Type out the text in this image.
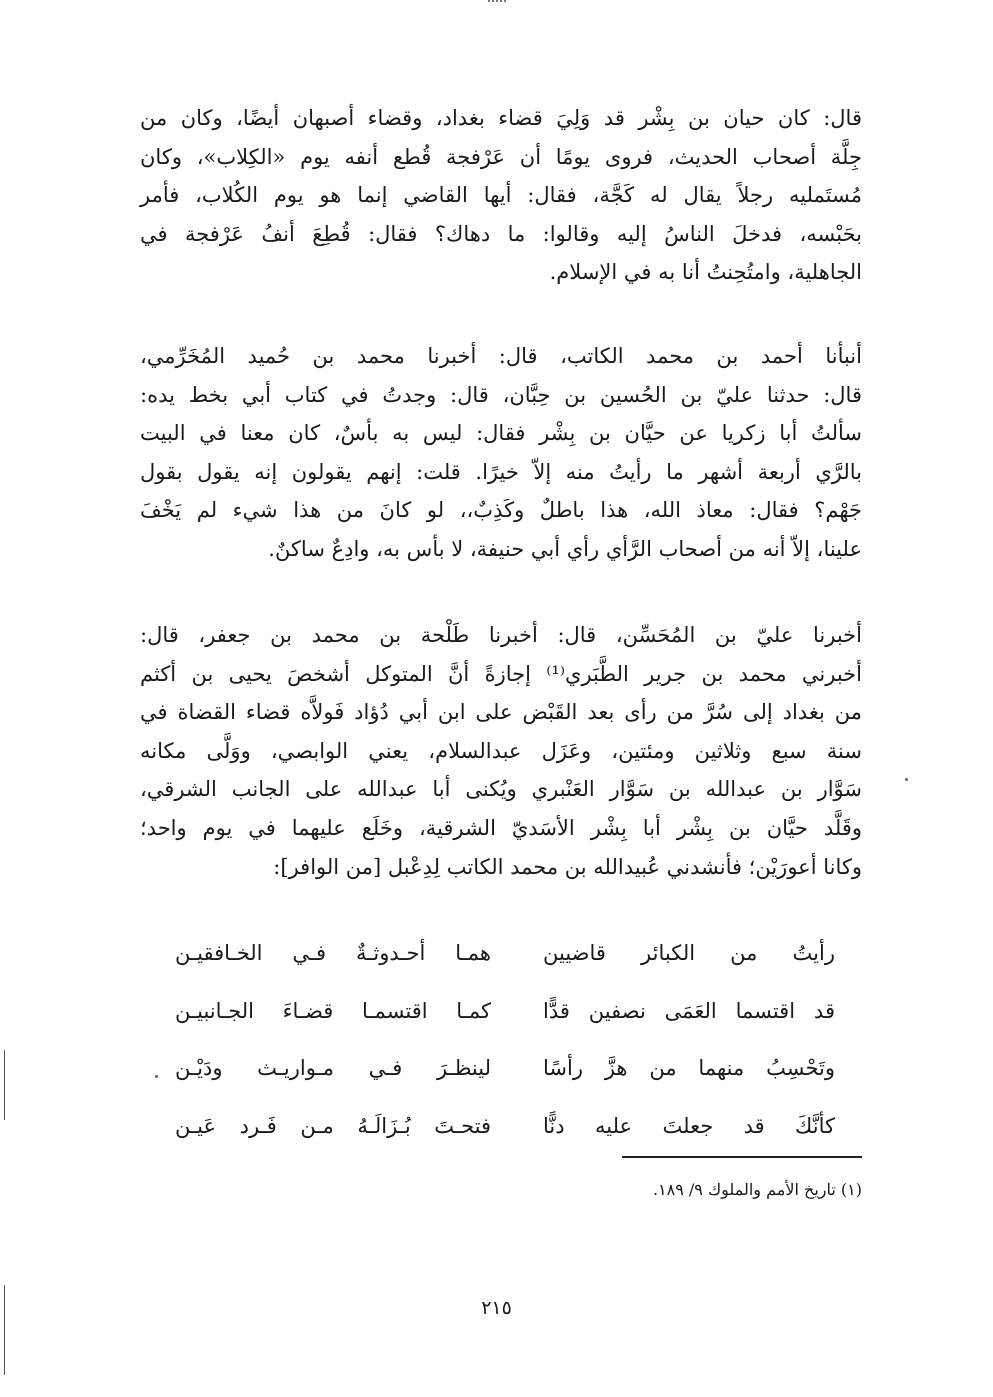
قال: كان حيان بن بِشْر قد وَلِيَ قضاء بغداد، وقضاء أصبهان أيضًا، وكان من
جِلَّة أصحاب الحديث، فروى يومًا أن عَرْفجة قُطع أنفه يوم «الكِلاب»، وكان
مُستَمليه رجلاً يقال له كَجَّة، فقال: أيها القاضي إنما هو يوم الكُلاب، فأمر
بحَبْسه، فدخلَ الناسُ إليه وقالوا: ما دهاك؟ فقال: قُطِعَ أنفُ عَرْفجة في
الجاهلية، وامتُحِنتُ أنا به في الإسلام.
أنبأنا أحمد بن محمد الكاتب، قال: أخبرنا محمد بن حُميد المُخَرِّمي،
قال: حدثنا عليّ بن الحُسين بن حِبَّان، قال: وجدتُ في كتاب أبي بخط يده:
سألتُ أبا زكريا عن حيَّان بن بِشْر فقال: ليس به بأسٌ، كان معنا في البيت
بالرَّي أربعة أشهر ما رأيتُ منه إلاّ خيرًا. قلت: إنهم يقولون إنه يقول بقول
جَهْم؟ فقال: معاذ الله، هذا باطلٌ وكَذِبٌ،، لو كانَ من هذا شيء لم يَخْفَ
علينا، إلاّ أنه من أصحاب الرَّأي رأي أبي حنيفة، لا بأس به، وادِعٌ ساكنٌ.
أخبرنا عليّ بن المُحَسِّن، قال: أخبرنا طَلْحة بن محمد بن جعفر، قال:
أخبرني محمد بن جرير الطَّبَري⁽¹⁾ إجازةً أنَّ المتوكل أشخصَ يحيى بن أكثم
من بغداد إلى سُرَّ من رأى بعد القَبْض على ابن أبي دُؤاد فَولاَّه قضاء القضاة في
سنة سبع وثلاثين ومئتين، وعَزَل عبدالسلام، يعني الوابصي، ووَلَّى مكانه
سَوَّار بن عبدالله بن سَوَّار العَنْبري ويُكنى أبا عبدالله على الجانب الشرقي،
وقَلَّد حيَّان بن بِشْر أبا بِشْر الأسَديّ الشرقية، وخَلَع عليهما في يوم واحد؛
وكانا أعورَيْن؛ فأنشدني عُبيدالله بن محمد الكاتب لِدِعْبل [من الوافر]:
رأيتُ من الكبائر قاضيين
همـا أحـدوثـةٌ فـي الخـافقيـن
قد اقتسما العَمَى نصفين قدًّا
كمـا اقتسمـا قضـاءَ الجـانبيـن
وتَحْسِبُ منهما من هزَّ رأسًا
لينظـرَ فـي مـواريـث ودَيْـن
كأنَّكَ قد جعلتَ عليه دنًّا
فتحـتَ بُـزَالَـهُ مـن فَـرد عَيـن
(١) تاريخ الأمم والملوك ٩/ ١٨٩.
٢١٥
